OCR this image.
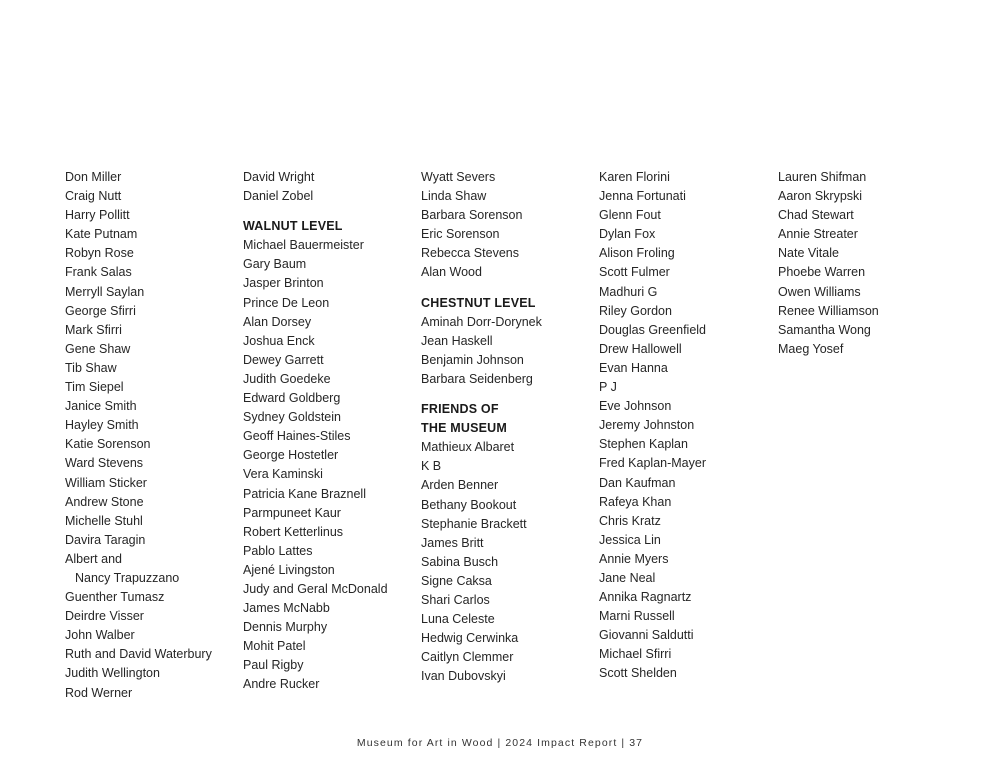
Don Miller
Craig Nutt
Harry Pollitt
Kate Putnam
Robyn Rose
Frank Salas
Merryll Saylan
George Sfirri
Mark Sfirri
Gene Shaw
Tib Shaw
Tim Siepel
Janice Smith
Hayley Smith
Katie Sorenson
Ward Stevens
William Sticker
Andrew Stone
Michelle Stuhl
Davira Taragin
Albert and
Nancy Trapuzzano
Guenther Tumasz
Deirdre Visser
John Walber
Ruth and David Waterbury
Judith Wellington
Rod Werner
David Wright
Daniel Zobel
WALNUT LEVEL
Michael Bauermeister
Gary Baum
Jasper Brinton
Prince De Leon
Alan Dorsey
Joshua Enck
Dewey Garrett
Judith Goedeke
Edward Goldberg
Sydney Goldstein
Geoff Haines-Stiles
George Hostetler
Vera Kaminski
Patricia Kane Braznell
Parmpuneet Kaur
Robert Ketterlinus
Pablo Lattes
Ajené Livingston
Judy and Geral McDonald
James McNabb
Dennis Murphy
Mohit Patel
Paul Rigby
Andre Rucker
Wyatt Severs
Linda Shaw
Barbara Sorenson
Eric Sorenson
Rebecca Stevens
Alan Wood
CHESTNUT LEVEL
Aminah Dorr-Dorynek
Jean Haskell
Benjamin Johnson
Barbara Seidenberg
FRIENDS OF
THE MUSEUM
Mathieux Albaret
K B
Arden Benner
Bethany Bookout
Stephanie Brackett
James Britt
Sabina Busch
Signe Caksa
Shari Carlos
Luna Celeste
Hedwig Cerwinka
Caitlyn Clemmer
Ivan Dubovskyi
Karen Florini
Jenna Fortunati
Glenn Fout
Dylan Fox
Alison Froling
Scott Fulmer
Madhuri G
Riley Gordon
Douglas Greenfield
Drew Hallowell
Evan Hanna
P J
Eve Johnson
Jeremy Johnston
Stephen Kaplan
Fred Kaplan-Mayer
Dan Kaufman
Rafeya Khan
Chris Kratz
Jessica Lin
Annie Myers
Jane Neal
Annika Ragnartz
Marni Russell
Giovanni Saldutti
Michael Sfirri
Scott Shelden
Lauren Shifman
Aaron Skrypski
Chad Stewart
Annie Streater
Nate Vitale
Phoebe Warren
Owen Williams
Renee Williamson
Samantha Wong
Maeg Yosef
Museum for Art in Wood | 2024 Impact Report | 37
